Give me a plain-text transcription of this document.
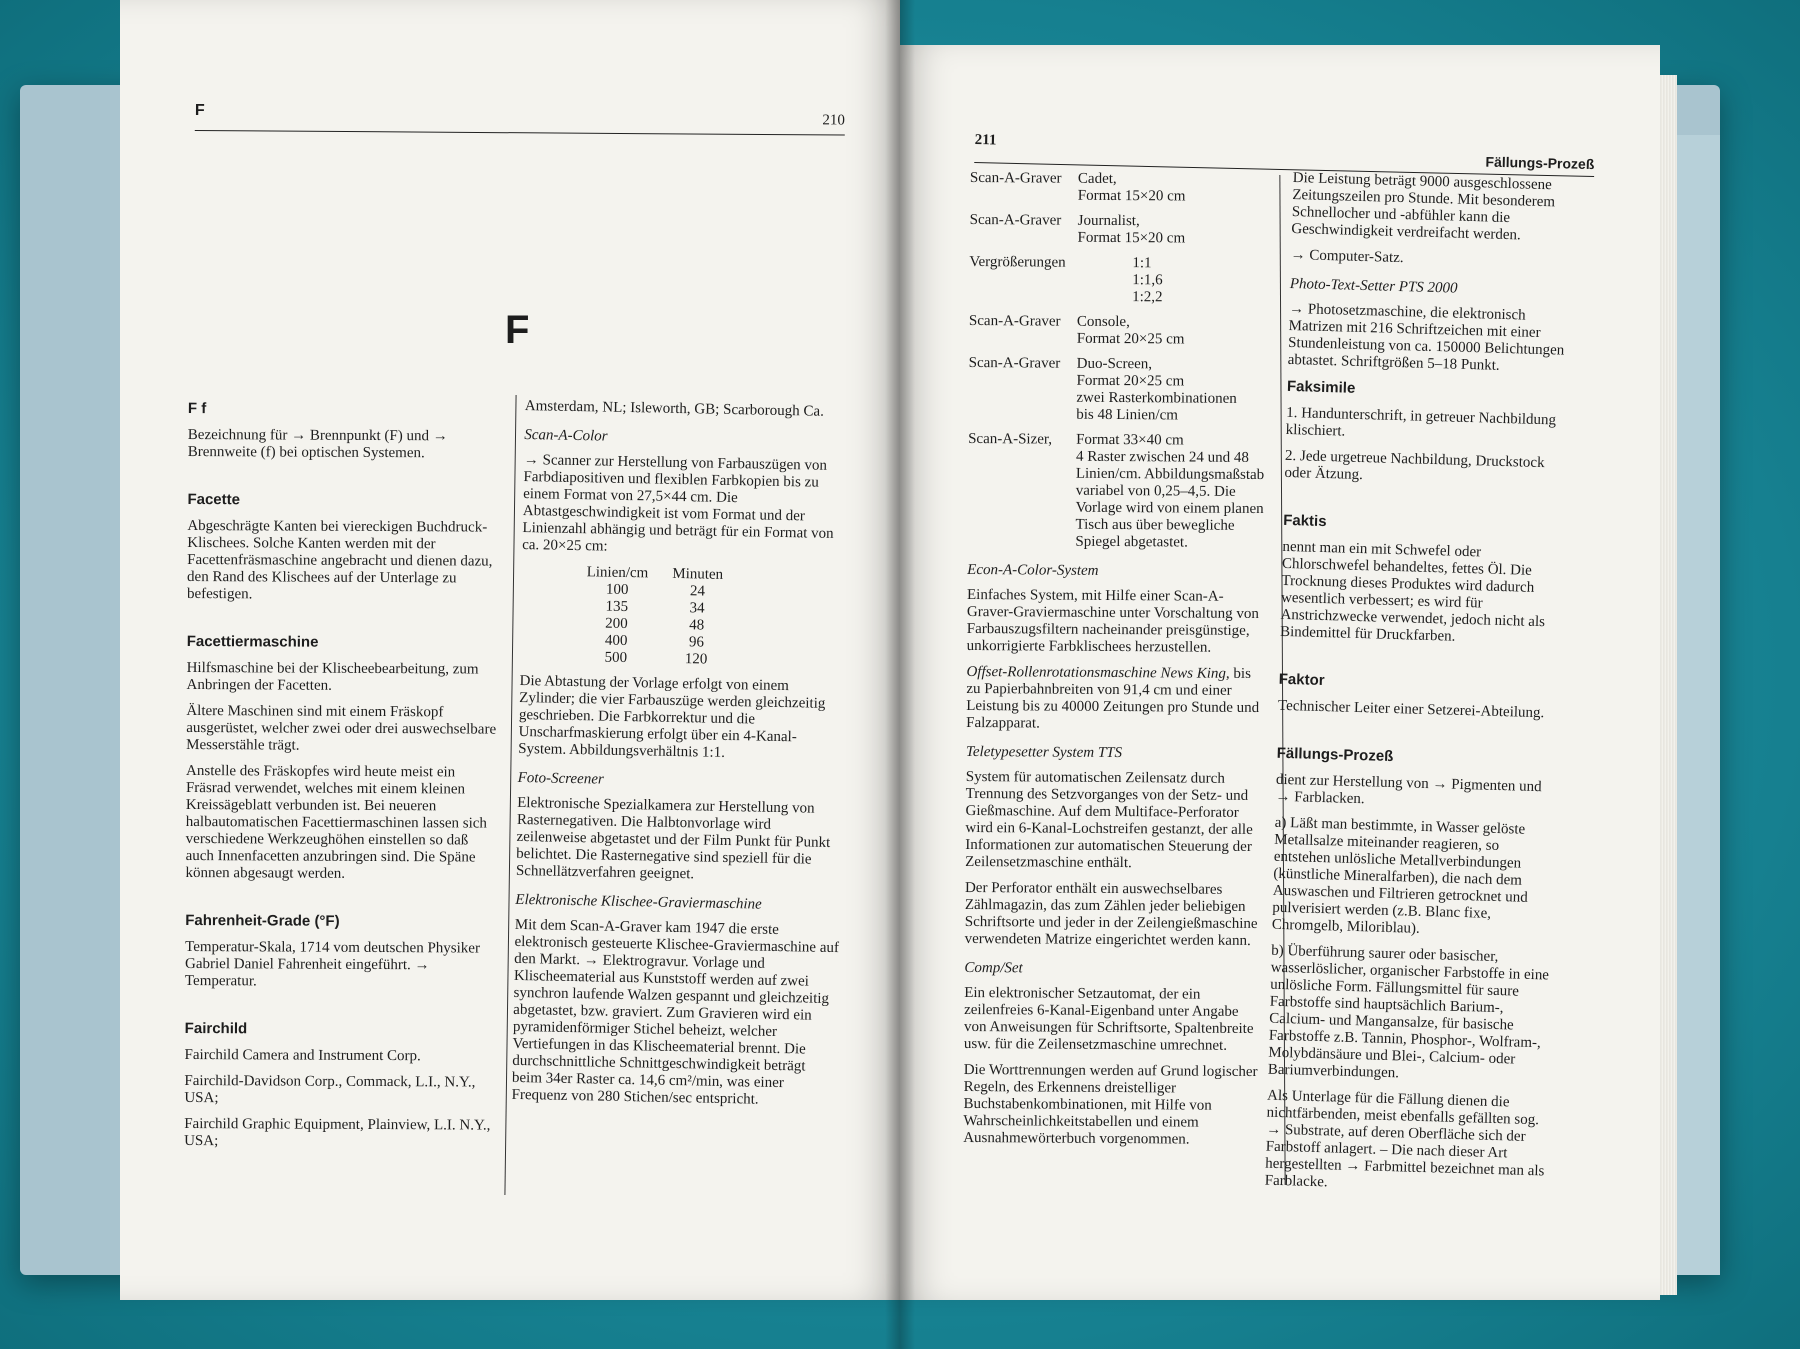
F
210
F
F f

Bezeichnung für → Brennpunkt (F) und → Brennweite (f) bei optischen Systemen.

Facette

Abgeschrägte Kanten bei viereckigen Buchdruck-Klischees. Solche Kanten werden mit der Facettenfräsmaschine angebracht und dienen dazu, den Rand des Klischees auf der Unterlage zu befestigen.

Facettiermaschine

Hilfsmaschine bei der Klischeebearbeitung, zum Anbringen der Facetten.

Ältere Maschinen sind mit einem Fräskopf ausgerüstet, welcher zwei oder drei auswechselbare Messerstähle trägt.

Anstelle des Fräskopfes wird heute meist ein Fräsrad verwendet, welches mit einem kleinen Kreissägeblatt verbunden ist. Bei neueren halbautomatischen Facettiermaschinen lassen sich verschiedene Werkzeughöhen einstellen so daß auch Innenfacetten anzubringen sind. Die Späne können abgesaugt werden.

Fahrenheit-Grade (°F)

Temperatur-Skala, 1714 vom deutschen Physiker Gabriel Daniel Fahrenheit eingeführt. → Temperatur.

Fairchild

Fairchild Camera and Instrument Corp.

Fairchild-Davidson Corp., Commack, L.I., N.Y., USA;

Fairchild Graphic Equipment, Plainview, L.I. N.Y., USA;

Amsterdam, NL; Isleworth, GB; Scarborough Ca.

Scan-A-Color

→ Scanner zur Herstellung von Farbauszügen von Farbdiapositiven und flexiblen Farbkopien bis zu einem Format von 27,5×44 cm. Die Abtastgeschwindigkeit ist vom Format und der Linienzahl abhängig und beträgt für ein Format von ca. 20×25 cm:

Linien/cm	Minuten
100	24
135	34
200	48
400	96
500	120

Die Abtastung der Vorlage erfolgt von einem Zylinder; die vier Farbauszüge werden gleichzeitig geschrieben. Die Farbkorrektur und die Unscharfmaskierung erfolgt über ein 4-Kanal-System. Abbildungsverhältnis 1:1.

Foto-Screener

Elektronische Spezialkamera zur Herstellung von Rasternegativen. Die Halbtonvorlage wird zeilenweise abgetastet und der Film Punkt für Punkt belichtet. Die Rasternegative sind speziell für die Schnellätzverfahren geeignet.

Elektronische Klischee-Graviermaschine

Mit dem Scan-A-Graver kam 1947 die erste elektronisch gesteuerte Klischee-Graviermaschine auf den Markt. → Elektrogravur. Vorlage und Klischeematerial aus Kunststoff werden auf zwei synchron laufende Walzen gespannt und gleichzeitig abgetastet, bzw. graviert. Zum Gravieren wird ein pyramidenförmiger Stichel beheizt, welcher Vertiefungen in das Klischeematerial brennt. Die durchschnittliche Schnittgeschwindigkeit beträgt beim 34er Raster ca. 14,6 cm²/min, was einer Frequenz von 280 Stichen/sec entspricht.

211
Fällungs-Prozeß
Scan-A-Graver	Cadet,
Format 15×20 cm
Scan-A-Graver	Journalist,
Format 15×20 cm
Vergrößerungen	1:1
1:1,6
1:2,2
Scan-A-Graver	Console,
Format 20×25 cm
Scan-A-Graver	Duo-Screen,
Format 20×25 cm
zwei Rasterkombinationen
bis 48 Linien/cm
Scan-A-Sizer,	Format 33×40 cm
4 Raster zwischen 24 und 48 Linien/cm. Abbildungsmaßstab variabel von 0,25–4,5. Die Vorlage wird von einem planen Tisch aus über bewegliche Spiegel abgetastet.
Econ-A-Color-System

Einfaches System, mit Hilfe einer Scan-A-Graver-Graviermaschine unter Vorschaltung von Farbauszugsfiltern nacheinander preisgünstige, unkorrigierte Farbklischees herzustellen.

Offset-Rollenrotationsmaschine News King, bis zu Papierbahnbreiten von 91,4 cm und einer Leistung bis zu 40000 Zeitungen pro Stunde und Falzapparat.

Teletypesetter System TTS

System für automatischen Zeilensatz durch Trennung des Setzvorganges von der Setz- und Gießmaschine. Auf dem Multiface-Perforator wird ein 6-Kanal-Lochstreifen gestanzt, der alle Informationen zur automatischen Steuerung der Zeilensetzmaschine enthält.

Der Perforator enthält ein auswechselbares Zählmagazin, das zum Zählen jeder beliebigen Schriftsorte und jeder in der Zeilengießmaschine verwendeten Matrize eingerichtet werden kann.

Comp/Set

Ein elektronischer Setzautomat, der ein zeilenfreies 6-Kanal-Eigenband unter Angabe von Anweisungen für Schriftsorte, Spaltenbreite usw. für die Zeilensetzmaschine umrechnet.

Die Worttrennungen werden auf Grund logischer Regeln, des Erkennens dreistelliger Buchstabenkombinationen, mit Hilfe von Wahrscheinlichkeitstabellen und einem Ausnahmewörterbuch vorgenommen.

Die Leistung beträgt 9000 ausgeschlossene Zeitungszeilen pro Stunde. Mit besonderem Schnellocher und -abfühler kann die Geschwindigkeit verdreifacht werden.

→ Computer-Satz.

Photo-Text-Setter PTS 2000

→ Photosetzmaschine, die elektronisch Matrizen mit 216 Schriftzeichen mit einer Stundenleistung von ca. 150000 Belichtungen abtastet. Schriftgrößen 5–18 Punkt.

Faksimile

1. Handunterschrift, in getreuer Nachbildung klischiert.

2. Jede urgetreue Nachbildung, Druckstock oder Ätzung.

Faktis

nennt man ein mit Schwefel oder Chlorschwefel behandeltes, fettes Öl. Die Trocknung dieses Produktes wird dadurch wesentlich verbessert; es wird für Anstrichzwecke verwendet, jedoch nicht als Bindemittel für Druckfarben.

Faktor

Technischer Leiter einer Setzerei-Abteilung.

Fällungs-Prozeß

dient zur Herstellung von → Pigmenten und → Farblacken.

a) Läßt man bestimmte, in Wasser gelöste Metallsalze miteinander reagieren, so entstehen unlösliche Metallverbindungen (künstliche Mineralfarben), die nach dem Auswaschen und Filtrieren getrocknet und pulverisiert werden (z.B. Blanc fixe, Chromgelb, Miloriblau).

b) Überführung saurer oder basischer, wasserlöslicher, organischer Farbstoffe in eine unlösliche Form. Fällungsmittel für saure Farbstoffe sind hauptsächlich Barium-, Calcium- und Mangansalze, für basische Farbstoffe z.B. Tannin, Phosphor-, Wolfram-, Molybdänsäure und Blei-, Calcium- oder Bariumverbindungen.

Als Unterlage für die Fällung dienen die nichtfärbenden, meist ebenfalls gefällten sog. → Substrate, auf deren Oberfläche sich der Farbstoff anlagert. – Die nach dieser Art hergestellten → Farbmittel bezeichnet man als Farblacke.
